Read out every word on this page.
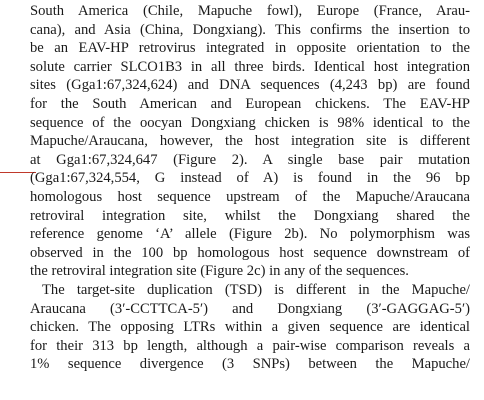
South America (Chile, Mapuche fowl), Europe (France, Arau-
cana), and Asia (China, Dongxiang). This confirms the insertion to
be an EAV-HP retrovirus integrated in opposite orientation to the
solute carrier SLCO1B3 in all three birds. Identical host integration
sites (Gga1:67,324,624) and DNA sequences (4,243 bp) are found
for the South American and European chickens. The EAV-HP
sequence of the oocyan Dongxiang chicken is 98% identical to the
Mapuche/Araucana, however, the host integration site is different
at Gga1:67,324,647 (Figure 2). A single base pair mutation
(Gga1:67,324,554, G instead of A) is found in the 96 bp
homologous host sequence upstream of the Mapuche/Araucana
retroviral integration site, whilst the Dongxiang shared the
reference genome ‘A’ allele (Figure 2b). No polymorphism was
observed in the 100 bp homologous host sequence downstream of
the retroviral integration site (Figure 2c) in any of the sequences.
The target-site duplication (TSD) is different in the Mapuche/
Araucana (3′-CCTTCA-5′) and Dongxiang (3′-GAGGAG-5′)
chicken. The opposing LTRs within a given sequence are identical
for their 313 bp length, although a pair-wise comparison reveals a
1% sequence divergence (3 SNPs) between the Mapuche/
